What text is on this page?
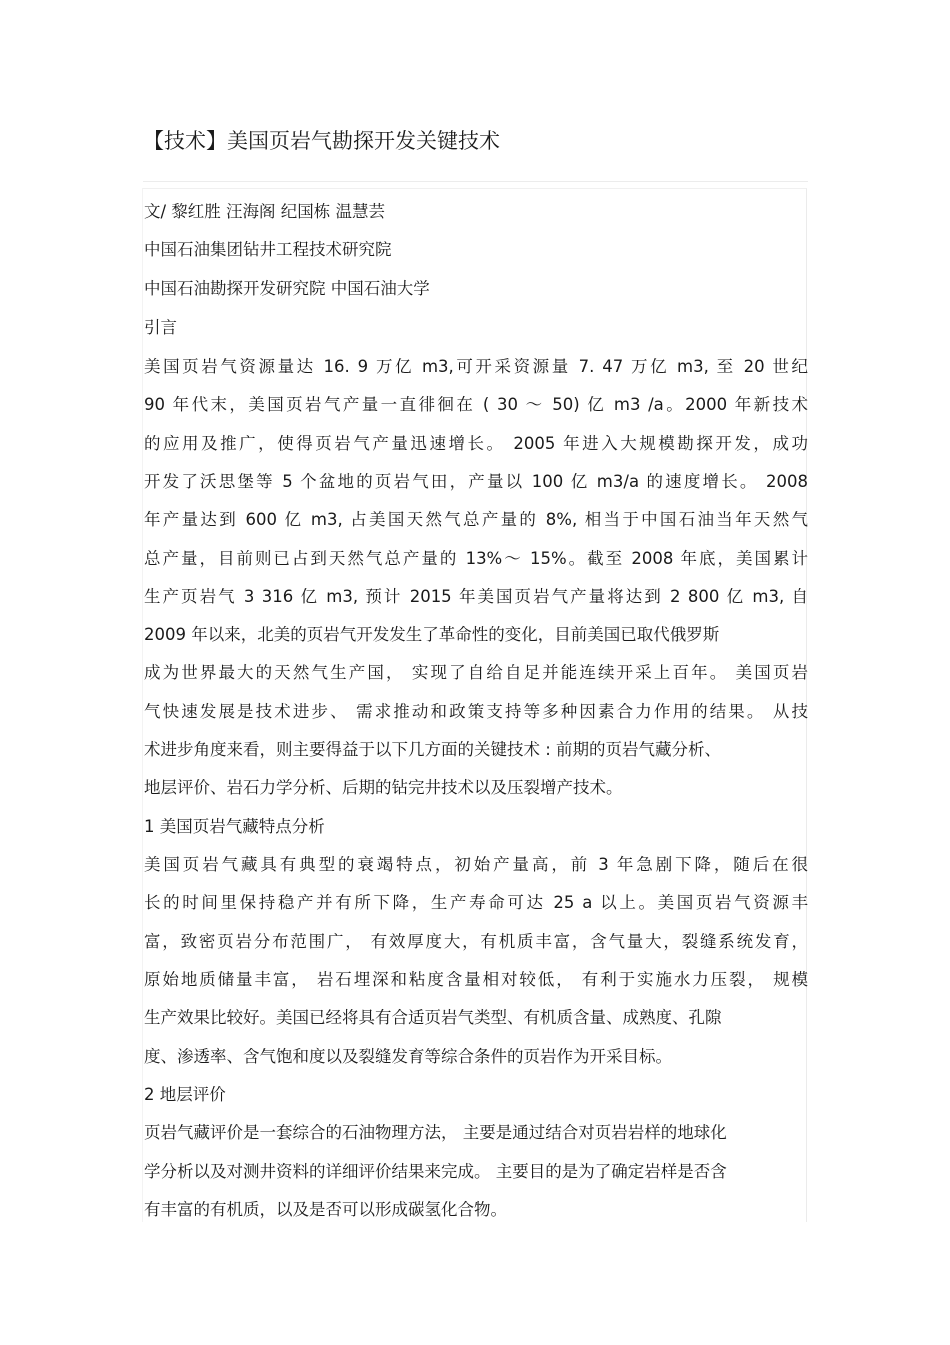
【技术】美国页岩气勘探开发关键技术
文/ 黎红胜 汪海阁 纪国栋 温慧芸
中国石油集团钻井工程技术研究院
中国石油勘探开发研究院 中国石油大学
引言
美国页岩气资源量达 16. 9 万亿 m3,可开采资源量 7. 47 万亿 m3, 至 20 世纪
90 年代末，美国页岩气产量一直徘徊在 ( 30 ～ 50) 亿 m3 /a。2000 年新技术
的应用及推广，使得页岩气产量迅速增长。 2005 年进入大规模勘探开发，成功
开发了沃思堡等 5 个盆地的页岩气田，产量以 100 亿 m3/a 的速度增长。 2008
年产量达到 600 亿 m3, 占美国天然气总产量的 8%, 相当于中国石油当年天然气
总产量，目前则已占到天然气总产量的 13%～ 15%。截至 2008 年底，美国累计
生产页岩气 3 316 亿 m3, 预计 2015 年美国页岩气产量将达到 2 800 亿 m3, 自
2009 年以来，北美的页岩气开发发生了革命性的变化，目前美国已取代俄罗斯
成为世界最大的天然气生产国， 实现了自给自足并能连续开采上百年。 美国页岩
气快速发展是技术进步、 需求推动和政策支持等多种因素合力作用的结果。 从技
术进步角度来看，则主要得益于以下几方面的关键技术 : 前期的页岩气藏分析、
地层评价、岩石力学分析、后期的钻完井技术以及压裂增产技术。
1 美国页岩气藏特点分析
美国页岩气藏具有典型的衰竭特点，初始产量高，前 3 年急剧下降，随后在很
长的时间里保持稳产并有所下降，生产寿命可达 25 a 以上。美国页岩气资源丰
富，致密页岩分布范围广， 有效厚度大，有机质丰富，含气量大，裂缝系统发育，
原始地质储量丰富， 岩石埋深和粘度含量相对较低， 有利于实施水力压裂， 规模
生产效果比较好。美国已经将具有合适页岩气类型、有机质含量、成熟度、孔隙
度、渗透率、含气饱和度以及裂缝发育等综合条件的页岩作为开采目标。
2 地层评价
页岩气藏评价是一套综合的石油物理方法， 主要是通过结合对页岩岩样的地球化
学分析以及对测井资料的详细评价结果来完成。 主要目的是为了确定岩样是否含
有丰富的有机质，以及是否可以形成碳氢化合物。
